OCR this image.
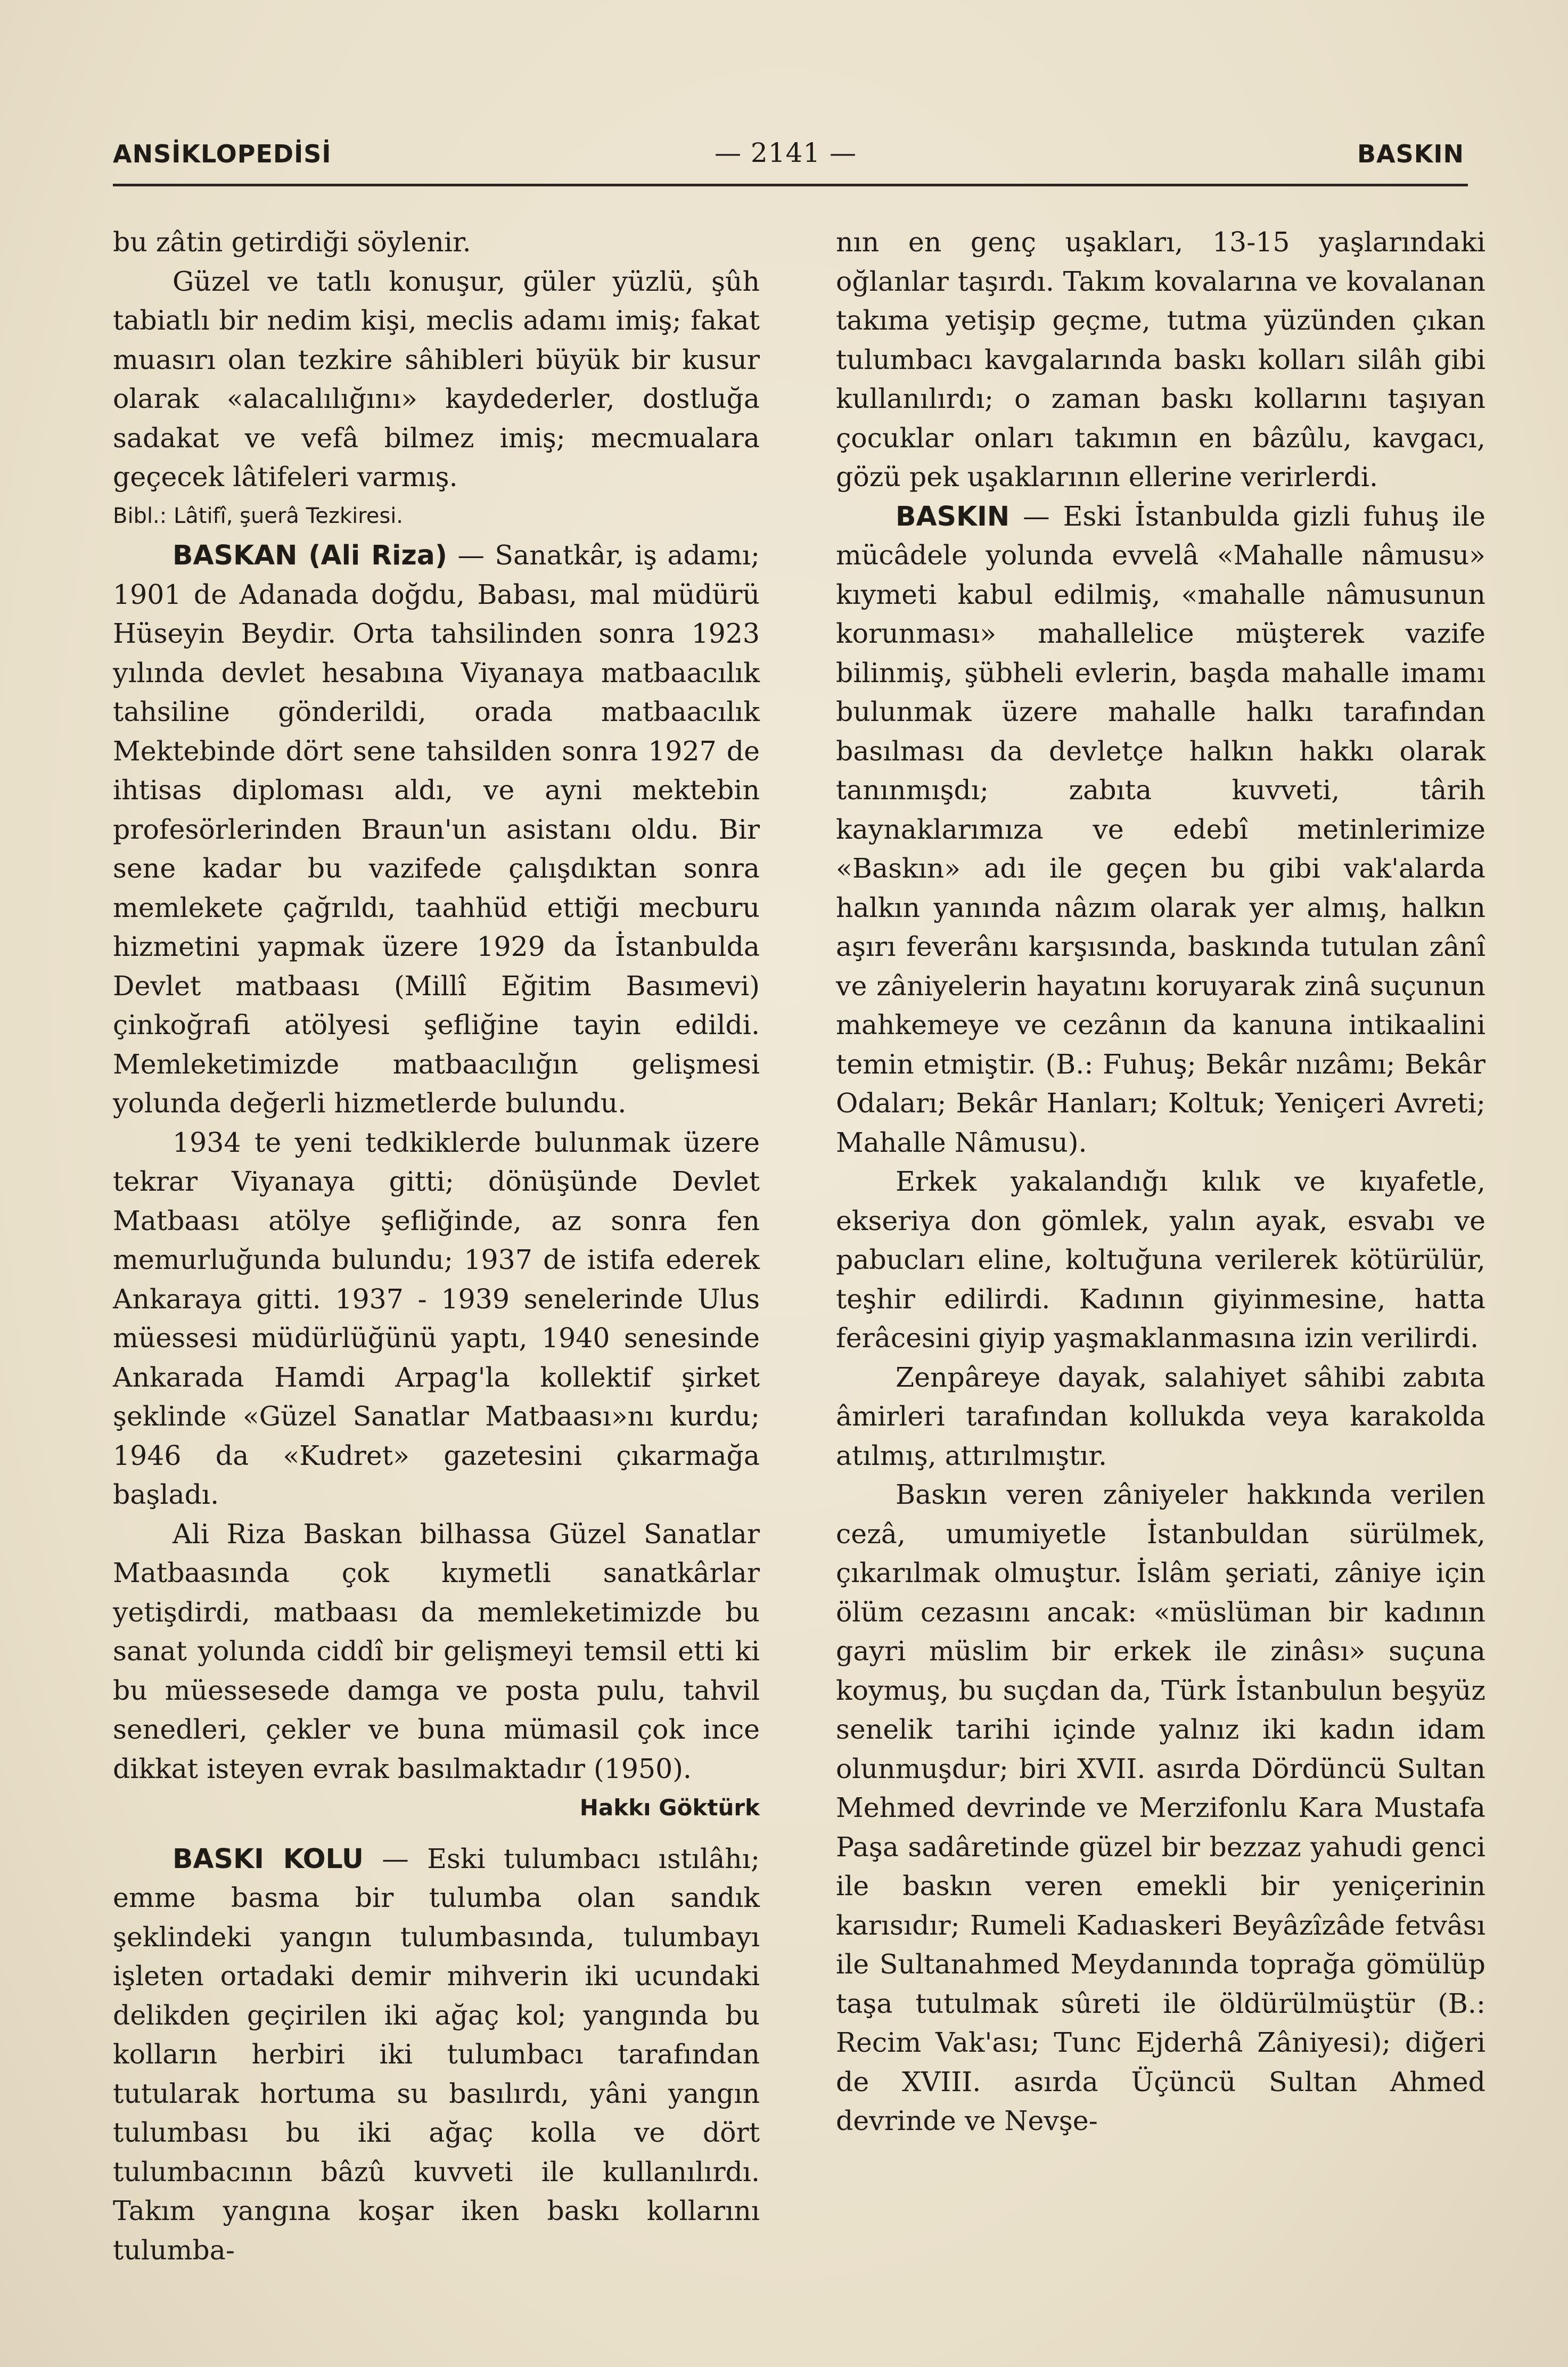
ANSİKLOPEDİSİ	— 2141 —	BASKIN

bu zâtin getirdiği söylenir.

Güzel ve tatlı konuşur, güler yüzlü, şûh tabiatlı bir nedim kişi, meclis adamı imiş; fakat muasırı olan tezkire sâhibleri büyük bir kusur olarak «alacalılığını» kaydederler, dostluğa sadakat ve vefâ bilmez imiş; mecmualara geçecek lâtifeleri varmış.

Bibl.: Lâtifî, şuerâ Tezkiresi.

BASKAN (Ali Riza) — Sanatkâr, iş adamı; 1901 de Adanada doğdu, Babası, mal müdürü Hüseyin Beydir. Orta tahsilinden sonra 1923 yılında devlet hesabına Viyanaya matbaacılık tahsiline gönderildi, orada matbaacılık Mektebinde dört sene tahsilden sonra 1927 de ihtisas diploması aldı, ve ayni mektebin profesörlerinden Braun'un asistanı oldu. Bir sene kadar bu vazifede çalışdıktan sonra memlekete çağrıldı, taahhüd ettiği mecburu hizmetini yapmak üzere 1929 da İstanbulda Devlet matbaası (Millî Eğitim Basımevi) çinkoğrafi atölyesi şefliğine tayin edildi. Memleketimizde matbaacılığın gelişmesi yolunda değerli hizmetlerde bulundu.

1934 te yeni tedkiklerde bulunmak üzere tekrar Viyanaya gitti; dönüşünde Devlet Matbaası atölye şefliğinde, az sonra fen memurluğunda bulundu; 1937 de istifa ederek Ankaraya gitti. 1937 - 1939 senelerinde Ulus müessesi müdürlüğünü yaptı, 1940 senesinde Ankarada Hamdi Arpag'la kollektif şirket şeklinde «Güzel Sanatlar Matbaası»nı kurdu; 1946 da «Kudret» gazetesini çıkarmağa başladı.

Ali Riza Baskan bilhassa Güzel Sanatlar Matbaasında çok kıymetli sanatkârlar yetişdirdi, matbaası da memleketimizde bu sanat yolunda ciddî bir gelişmeyi temsil etti ki bu müessesede damga ve posta pulu, tahvil senedleri, çekler ve buna mümasil çok ince dikkat isteyen evrak basılmaktadır (1950).

Hakkı Göktürk

BASKI KOLU — Eski tulumbacı ıstılâhı; emme basma bir tulumba olan sandık şeklindeki yangın tulumbasında, tulumbayı işleten ortadaki demir mihverin iki ucundaki delikden geçirilen iki ağaç kol; yangında bu kolların herbiri iki tulumbacı tarafından tutularak hortuma su basılırdı, yâni yangın tulumbası bu iki ağaç kolla ve dört tulumbacının bâzû kuvveti ile kullanılırdı. Takım yangına koşar iken baskı kollarını tulumba-

nın en genç uşakları, 13-15 yaşlarındaki oğlanlar taşırdı. Takım kovalarına ve kovalanan takıma yetişip geçme, tutma yüzünden çıkan tulumbacı kavgalarında baskı kolları silâh gibi kullanılırdı; o zaman baskı kollarını taşıyan çocuklar onları takımın en bâzûlu, kavgacı, gözü pek uşaklarının ellerine verirlerdi.

BASKIN — Eski İstanbulda gizli fuhuş ile mücâdele yolunda evvelâ «Mahalle nâmusu» kıymeti kabul edilmiş, «mahalle nâmusunun korunması» mahallelice müşterek vazife bilinmiş, şübheli evlerin, başda mahalle imamı bulunmak üzere mahalle halkı tarafından basılması da devletçe halkın hakkı olarak tanınmışdı; zabıta kuvveti, târih kaynaklarımıza ve edebî metinlerimize «Baskın» adı ile geçen bu gibi vak'alarda halkın yanında nâzım olarak yer almış, halkın aşırı feverânı karşısında, baskında tutulan zânî ve zâniyelerin hayatını koruyarak zinâ suçunun mahkemeye ve cezânın da kanuna intikaalini temin etmiştir. (B.: Fuhuş; Bekâr nızâmı; Bekâr Odaları; Bekâr Hanları; Koltuk; Yeniçeri Avreti; Mahalle Nâmusu).

Erkek yakalandığı kılık ve kıyafetle, ekseriya don gömlek, yalın ayak, esvabı ve pabucları eline, koltuğuna verilerek kötürülür, teşhir edilirdi. Kadının giyinmesine, hatta ferâcesini giyip yaşmaklanmasına izin verilirdi.

Zenpâreye dayak, salahiyet sâhibi zabıta âmirleri tarafından kollukda veya karakolda atılmış, attırılmıştır.

Baskın veren zâniyeler hakkında verilen cezâ, umumiyetle İstanbuldan sürülmek, çıkarılmak olmuştur. İslâm şeriati, zâniye için ölüm cezasını ancak: «müslüman bir kadının gayri müslim bir erkek ile zinâsı» suçuna koymuş, bu suçdan da, Türk İstanbulun beşyüz senelik tarihi içinde yalnız iki kadın idam olunmuşdur; biri XVII. asırda Dördüncü Sultan Mehmed devrinde ve Merzifonlu Kara Mustafa Paşa sadâretinde güzel bir bezzaz yahudi genci ile baskın veren emekli bir yeniçerinin karısıdır; Rumeli Kadıaskeri Beyâzîzâde fetvâsı ile Sultanahmed Meydanında toprağa gömülüp taşa tutulmak sûreti ile öldürülmüştür (B.: Recim Vak'ası; Tunc Ejderhâ Zâniyesi); diğeri de XVIII. asırda Üçüncü Sultan Ahmed devrinde ve Nevşe-
